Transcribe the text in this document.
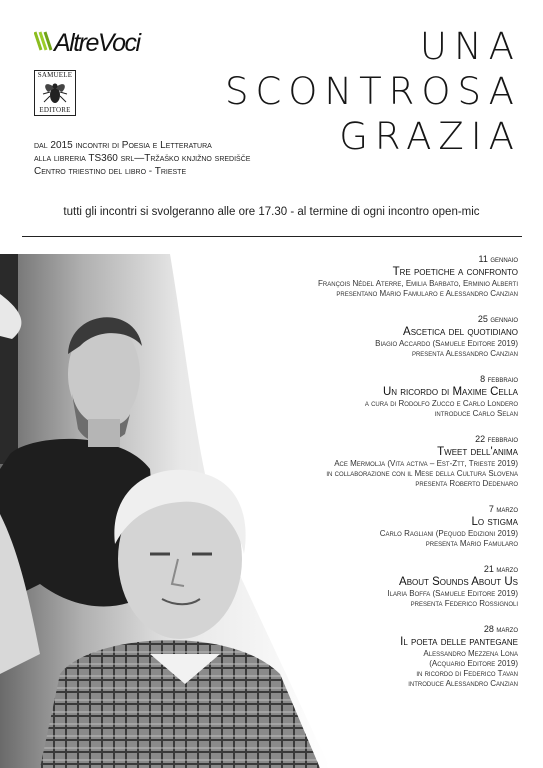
AltreVoci
SAMUELE
EDITORE
dal 2015 incontri di Poesia e Letteratura
alla libreria TS360 srl—Tržaško knjižno središče
Centro triestino del libro - Trieste
UNA
SCONTROSA
GRAZIA
tutti gli incontri si svolgeranno alle ore 17.30 - al termine di ogni incontro open-mic
11 gennaio
Tre poetiche a confronto
François Nédel Aterre, Emilia Barbato, Erminio Alberti
presentano Mario Famularo e Alessandro Canzian
25 gennaio
Ascetica del quotidiano
Biagio Accardo (Samuele Editore 2019)
presenta Alessandro Canzian
8 febbraio
Un ricordo di Maxime Cella
a cura di Rodolfo Zucco e Carlo Londero
introduce Carlo Selan
22 febbraio
Tweet dell'anima
Ace Mermolja (Vita activa – Est-Ztt, Trieste 2019)
in collaborazione con il Mese della Cultura Slovena
presenta Roberto Dedenaro
7 marzo
Lo stigma
Carlo Ragliani (Pequod Edizioni 2019)
presenta Mario Famularo
21 marzo
About Sounds About Us
Ilaria Boffa (Samuele Editore 2019)
presenta Federico Rossignoli
28 marzo
Il poeta delle pantegane
Alessandro Mezzena Lona
(Acquario Editore 2019)
in ricordo di Federico Tavan
introduce Alessandro Canzian
